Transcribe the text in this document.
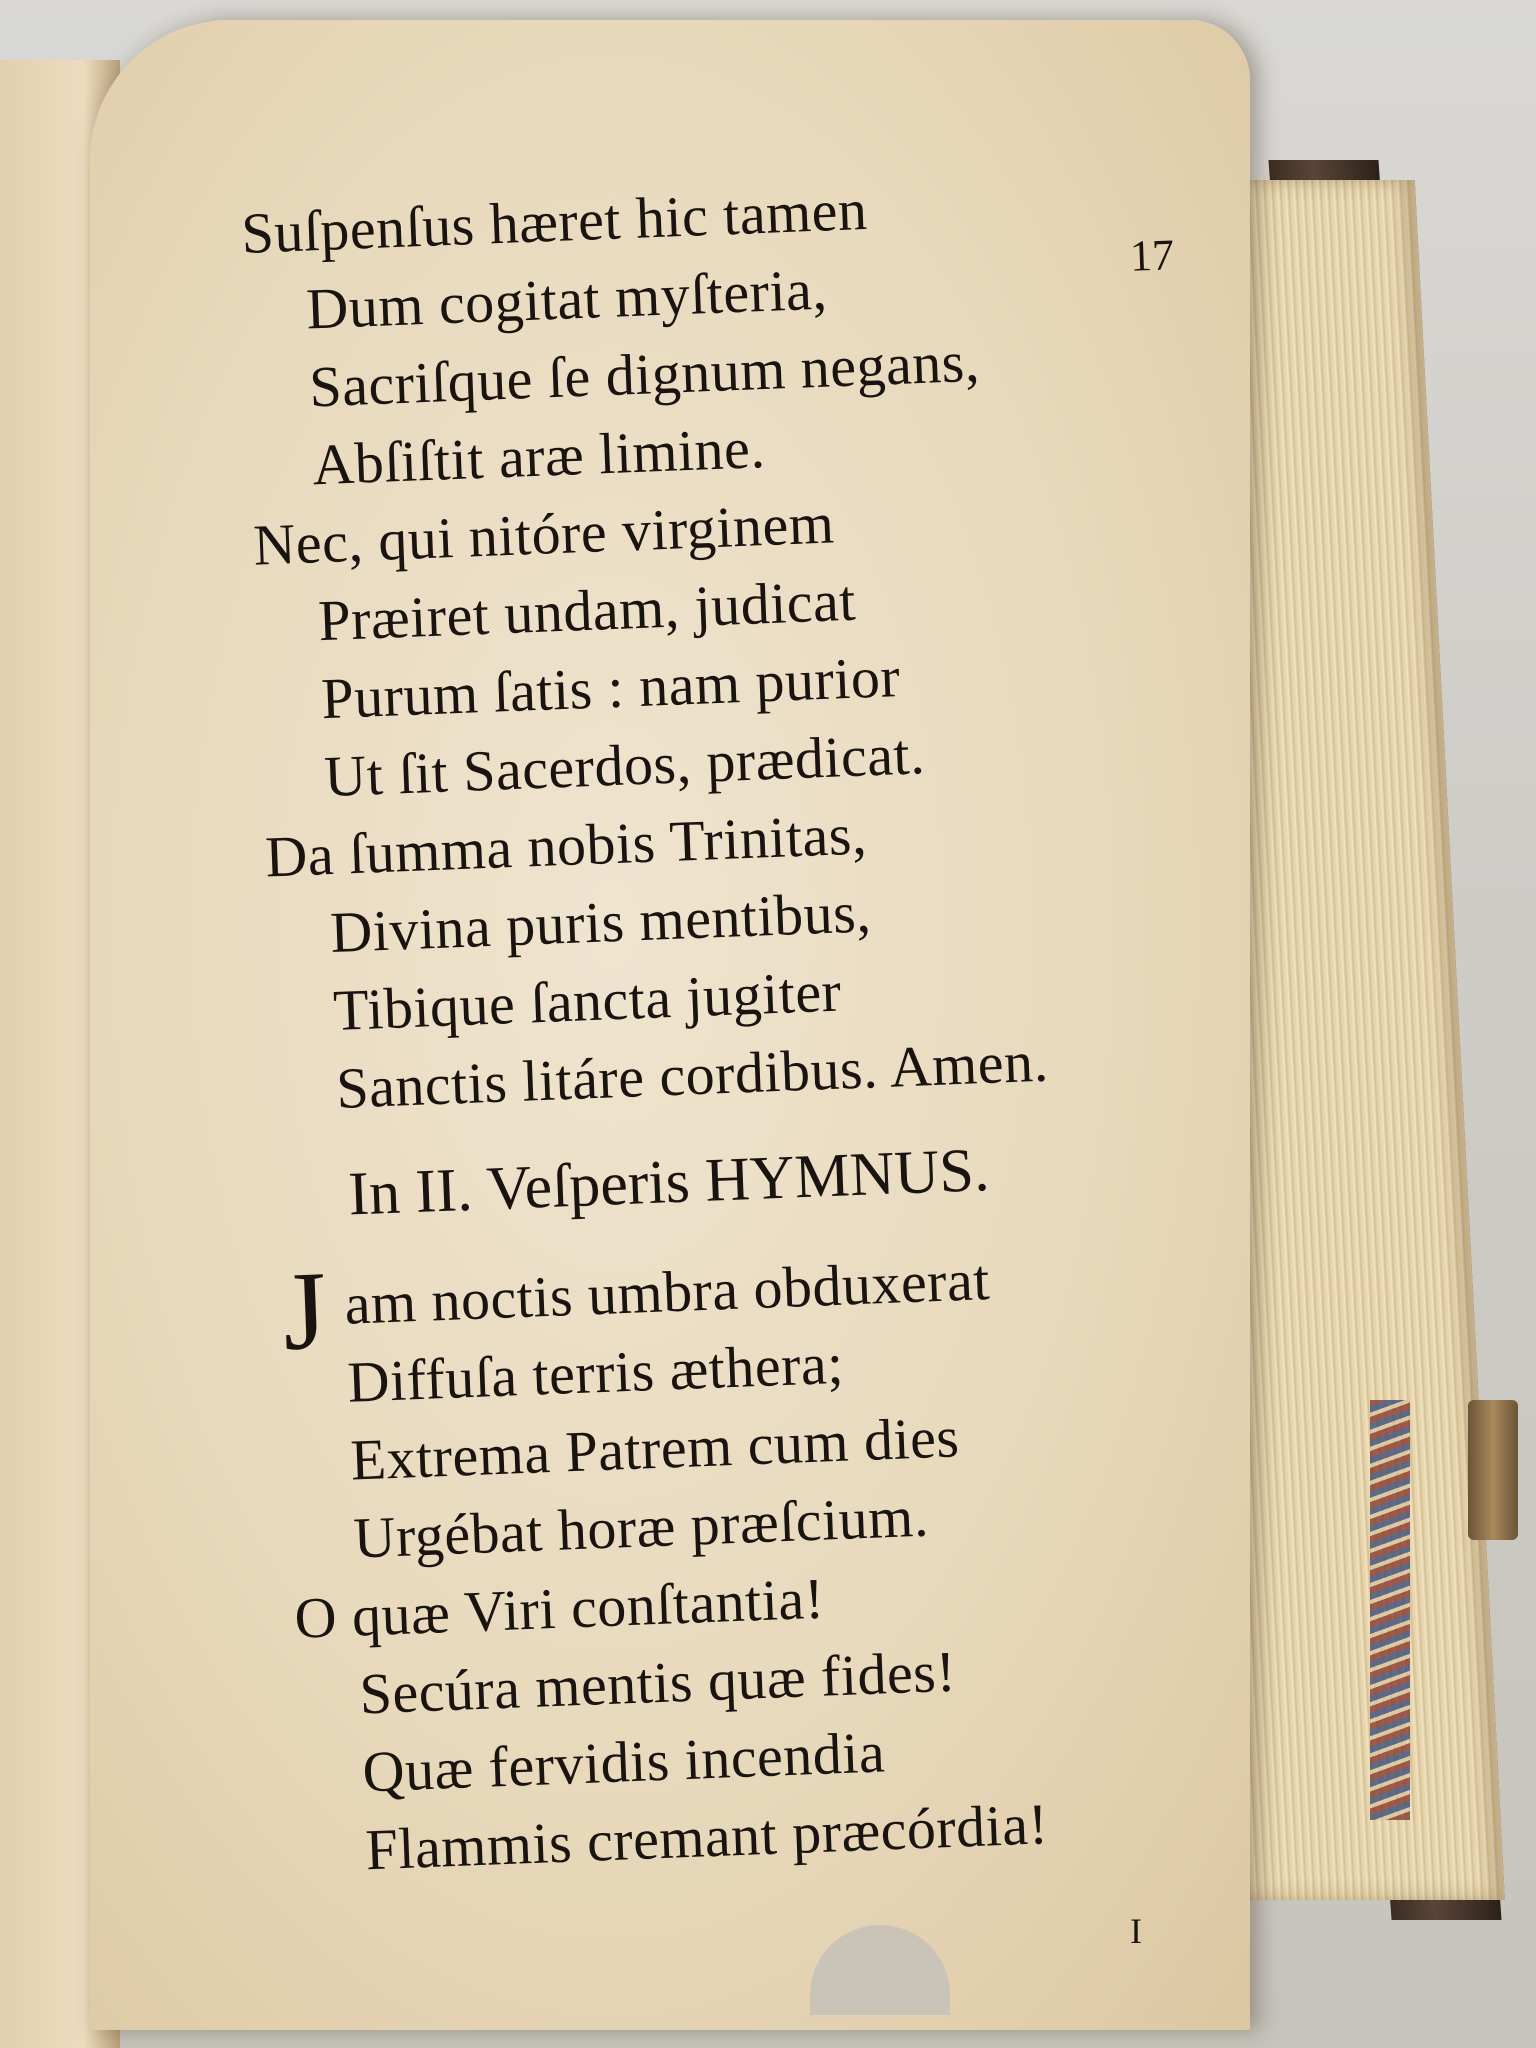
17
Suſpenſus hæret hic tamen
Dum cogitat myſteria,
Sacriſque ſe dignum negans,
Abſiſtit aræ limine.
Nec, qui nitóre virginem
Præiret undam, judicat
Purum ſatis : nam purior
Ut ſit Sacerdos, prædicat.
Da ſumma nobis Trinitas,
Divina puris mentibus,
Tibique ſancta jugiter
Sanctis litáre cordibus. Amen.
In II. Veſperis HYMNUS.
J am noctis umbra obduxerat
Diffuſa terris æthera;
Extrema Patrem cum dies
Urgébat horæ præſcium.
O quæ Viri conſtantia!
Secúra mentis quæ fides!
Quæ fervidis incendia
Flammis cremant præcórdia!
I
